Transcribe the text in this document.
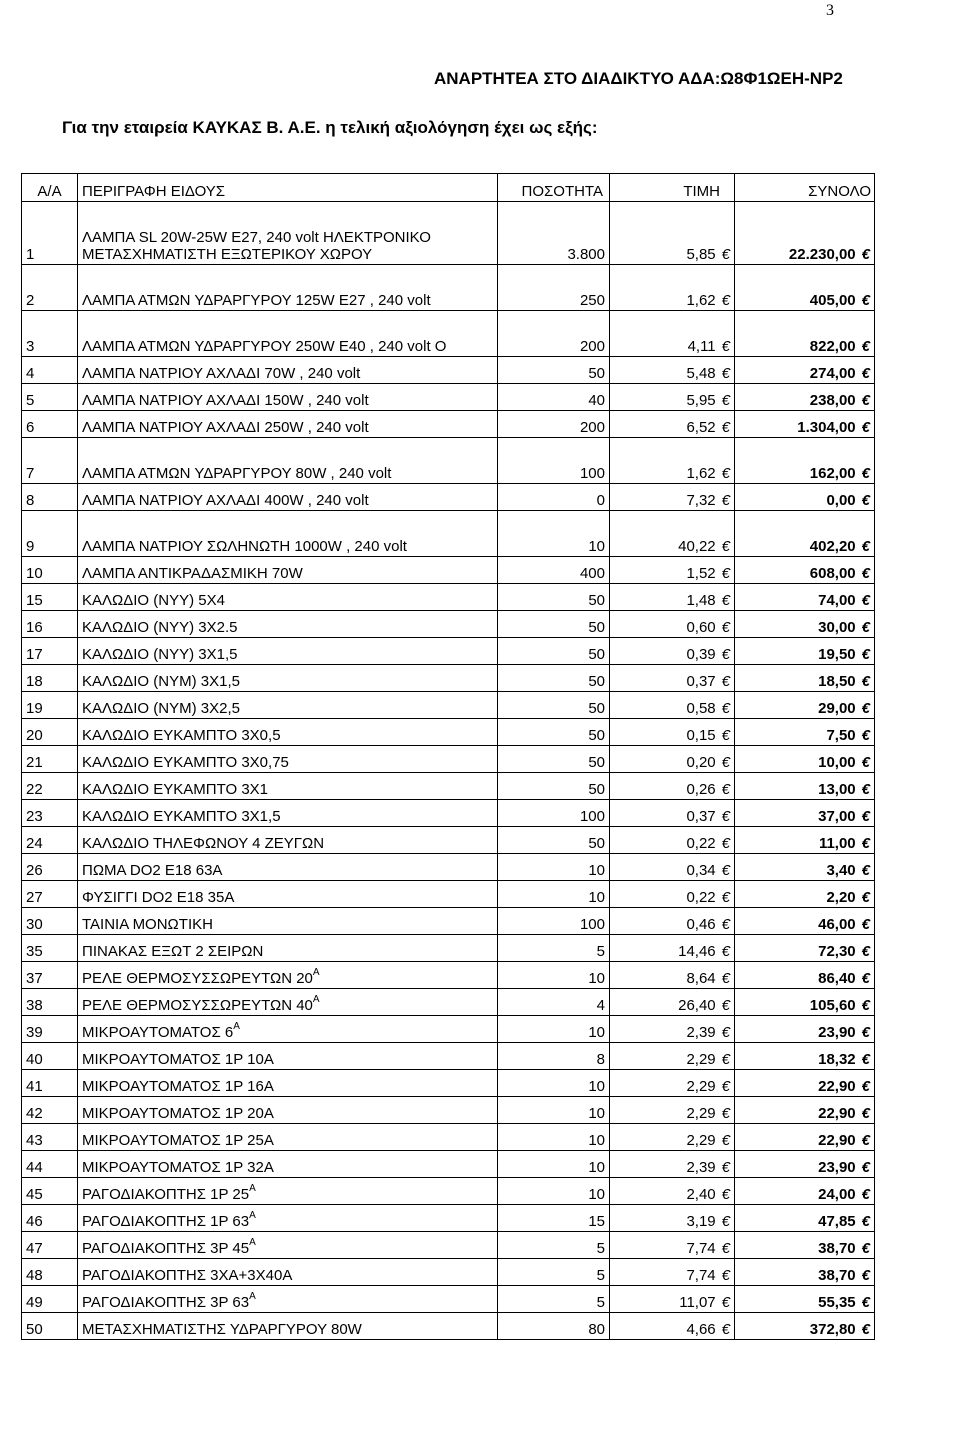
3
ΑΝΑΡΤΗΤΕΑ ΣΤΟ ΔΙΑΔΙΚΤΥΟ ΑΔΑ:Ω8Φ1ΩΕΗ-ΝΡ2
Για την εταιρεία ΚΑΥΚΑΣ Β. Α.Ε. η τελική αξιολόγηση έχει ως εξής:
Α/Α	ΠΕΡΙΓΡΑΦΗ ΕΙΔΟΥΣ	ΠΟΣΟΤΗΤΑ	ΤΙΜΗ	ΣΥΝΟΛΟ
1	ΛΑΜΠΑ SL 20W-25W E27, 240 volt ΗΛΕΚΤΡΟΝΙΚΟ ΜΕΤΑΣΧΗΜΑΤΙΣΤΗ ΕΞΩΤΕΡΙΚΟΥ ΧΩΡΟΥ	3.800	5,85 €	22.230,00 €
2	ΛΑΜΠΑ ΑΤΜΩΝ ΥΔΡΑΡΓΥΡΟΥ 125W E27 , 240 volt	250	1,62 €	405,00 €
3	ΛΑΜΠΑ ΑΤΜΩΝ ΥΔΡΑΡΓΥΡΟΥ 250W E40 , 240 volt O	200	4,11 €	822,00 €
4	ΛΑΜΠΑ ΝΑΤΡΙΟΥ ΑΧΛΑΔΙ 70W , 240 volt	50	5,48 €	274,00 €
5	ΛΑΜΠΑ ΝΑΤΡΙΟΥ ΑΧΛΑΔΙ 150W , 240 volt	40	5,95 €	238,00 €
6	ΛΑΜΠΑ ΝΑΤΡΙΟΥ ΑΧΛΑΔΙ 250W , 240 volt	200	6,52 €	1.304,00 €
7	ΛΑΜΠΑ ΑΤΜΩΝ ΥΔΡΑΡΓΥΡΟΥ 80W , 240 volt	100	1,62 €	162,00 €
8	ΛΑΜΠΑ ΝΑΤΡΙΟΥ ΑΧΛΑΔΙ 400W , 240 volt	0	7,32 €	0,00 €
9	ΛΑΜΠΑ ΝΑΤΡΙΟΥ ΣΩΛΗΝΩΤΗ 1000W , 240 volt	10	40,22 €	402,20 €
10	ΛΑΜΠΑ ΑΝΤΙΚΡΑΔΑΣΜΙΚΗ 70W	400	1,52 €	608,00 €
15	ΚΑΛΩΔΙΟ (ΝΥΥ) 5Χ4	50	1,48 €	74,00 €
16	ΚΑΛΩΔΙΟ (ΝΥΥ) 3Χ2.5	50	0,60 €	30,00 €
17	ΚΑΛΩΔΙΟ (ΝΥΥ) 3Χ1,5	50	0,39 €	19,50 €
18	ΚΑΛΩΔΙΟ (ΝΥΜ) 3Χ1,5	50	0,37 €	18,50 €
19	ΚΑΛΩΔΙΟ (ΝΥΜ) 3Χ2,5	50	0,58 €	29,00 €
20	ΚΑΛΩΔΙΟ ΕΥΚΑΜΠΤΟ 3Χ0,5	50	0,15 €	7,50 €
21	ΚΑΛΩΔΙΟ ΕΥΚΑΜΠΤΟ 3Χ0,75	50	0,20 €	10,00 €
22	ΚΑΛΩΔΙΟ ΕΥΚΑΜΠΤΟ 3Χ1	50	0,26 €	13,00 €
23	ΚΑΛΩΔΙΟ ΕΥΚΑΜΠΤΟ 3Χ1,5	100	0,37 €	37,00 €
24	ΚΑΛΩΔΙΟ ΤΗΛΕΦΩΝΟΥ 4 ΖΕΥΓΩΝ	50	0,22 €	11,00 €
26	ΠΩΜΑ DO2 E18 63A	10	0,34 €	3,40 €
27	ΦΥΣΙΓΓΙ DO2 E18 35A	10	0,22 €	2,20 €
30	ΤΑΙΝΙΑ ΜΟΝΩΤΙΚΗ	100	0,46 €	46,00 €
35	ΠΙΝΑΚΑΣ ΕΞΩΤ 2 ΣΕΙΡΩΝ	5	14,46 €	72,30 €
37	ΡΕΛΕ ΘΕΡΜΟΣΥΣΣΩΡΕΥΤΩΝ $20^A$	10	8,64 €	86,40 €
38	ΡΕΛΕ ΘΕΡΜΟΣΥΣΣΩΡΕΥΤΩΝ $40^A$	4	26,40 €	105,60 €
39	ΜΙΚΡΟΑΥΤΟΜΑΤΟΣ $6^A$	10	2,39 €	23,90 €
40	ΜΙΚΡΟΑΥΤΟΜΑΤΟΣ 1Ρ 10Α	8	2,29 €	18,32 €
41	ΜΙΚΡΟΑΥΤΟΜΑΤΟΣ 1Ρ 16Α	10	2,29 €	22,90 €
42	ΜΙΚΡΟΑΥΤΟΜΑΤΟΣ 1Ρ 20Α	10	2,29 €	22,90 €
43	ΜΙΚΡΟΑΥΤΟΜΑΤΟΣ 1Ρ 25Α	10	2,29 €	22,90 €
44	ΜΙΚΡΟΑΥΤΟΜΑΤΟΣ 1Ρ 32Α	10	2,39 €	23,90 €
45	ΡΑΓΟΔΙΑΚΟΠΤΗΣ 1Ρ $25^A$	10	2,40 €	24,00 €
46	ΡΑΓΟΔΙΑΚΟΠΤΗΣ 1Ρ $63^A$	15	3,19 €	47,85 €
47	ΡΑΓΟΔΙΑΚΟΠΤΗΣ 3Ρ $45^A$	5	7,74 €	38,70 €
48	ΡΑΓΟΔΙΑΚΟΠΤΗΣ 3ΧΑ+3Χ40Α	5	7,74 €	38,70 €
49	ΡΑΓΟΔΙΑΚΟΠΤΗΣ 3Ρ $63^A$	5	11,07 €	55,35 €
50	ΜΕΤΑΣΧΗΜΑΤΙΣΤΗΣ ΥΔΡΑΡΓΥΡΟΥ 80W	80	4,66 €	372,80 €
